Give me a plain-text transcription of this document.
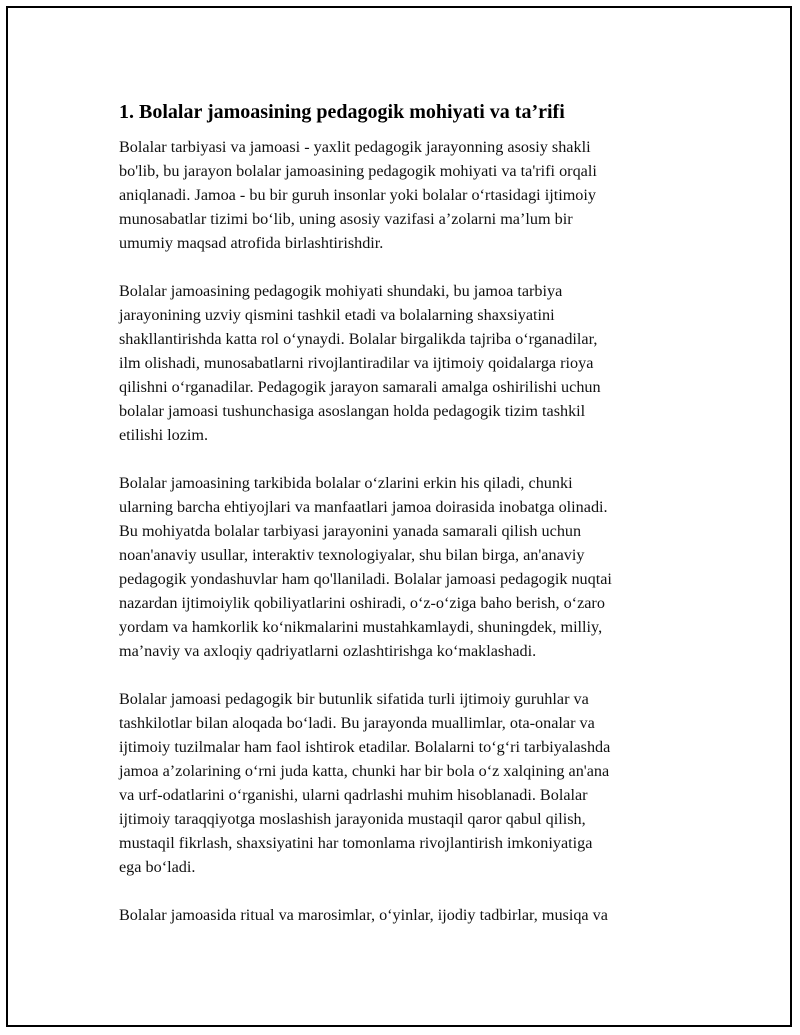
1. Bolalar jamoasining pedagogik mohiyati va ta’rifi

Bolalar tarbiyasi va jamoasi - yaxlit pedagogik jarayonning asosiy shakli
bo'lib, bu jarayon bolalar jamoasining pedagogik mohiyati va ta'rifi orqali
aniqlanadi. Jamoa - bu bir guruh insonlar yoki bolalar o‘rtasidagi ijtimoiy
munosabatlar tizimi bo‘lib, uning asosiy vazifasi a’zolarni ma’lum bir
umumiy maqsad atrofida birlashtirishdir.

Bolalar jamoasining pedagogik mohiyati shundaki, bu jamoa tarbiya
jarayonining uzviy qismini tashkil etadi va bolalarning shaxsiyatini
shakllantirishda katta rol o‘ynaydi. Bolalar birgalikda tajriba o‘rganadilar,
ilm olishadi, munosabatlarni rivojlantiradilar va ijtimoiy qoidalarga rioya
qilishni o‘rganadilar. Pedagogik jarayon samarali amalga oshirilishi uchun
bolalar jamoasi tushunchasiga asoslangan holda pedagogik tizim tashkil
etilishi lozim.

Bolalar jamoasining tarkibida bolalar o‘zlarini erkin his qiladi, chunki
ularning barcha ehtiyojlari va manfaatlari jamoa doirasida inobatga olinadi.
Bu mohiyatda bolalar tarbiyasi jarayonini yanada samarali qilish uchun
noan'anaviy usullar, interaktiv texnologiyalar, shu bilan birga, an'anaviy
pedagogik yondashuvlar ham qo'llaniladi. Bolalar jamoasi pedagogik nuqtai
nazardan ijtimoiylik qobiliyatlarini oshiradi, o‘z-o‘ziga baho berish, o‘zaro
yordam va hamkorlik ko‘nikmalarini mustahkamlaydi, shuningdek, milliy,
ma’naviy va axloqiy qadriyatlarni ozlashtirishga ko‘maklashadi.

Bolalar jamoasi pedagogik bir butunlik sifatida turli ijtimoiy guruhlar va
tashkilotlar bilan aloqada bo‘ladi. Bu jarayonda muallimlar, ota-onalar va
ijtimoiy tuzilmalar ham faol ishtirok etadilar. Bolalarni to‘g‘ri tarbiyalashda
jamoa a’zolarining o‘rni juda katta, chunki har bir bola o‘z xalqining an'ana
va urf-odatlarini o‘rganishi, ularni qadrlashi muhim hisoblanadi. Bolalar
ijtimoiy taraqqiyotga moslashish jarayonida mustaqil qaror qabul qilish,
mustaqil fikrlash, shaxsiyatini har tomonlama rivojlantirish imkoniyatiga
ega bo‘ladi.

Bolalar jamoasida ritual va marosimlar, o‘yinlar, ijodiy tadbirlar, musiqa va
